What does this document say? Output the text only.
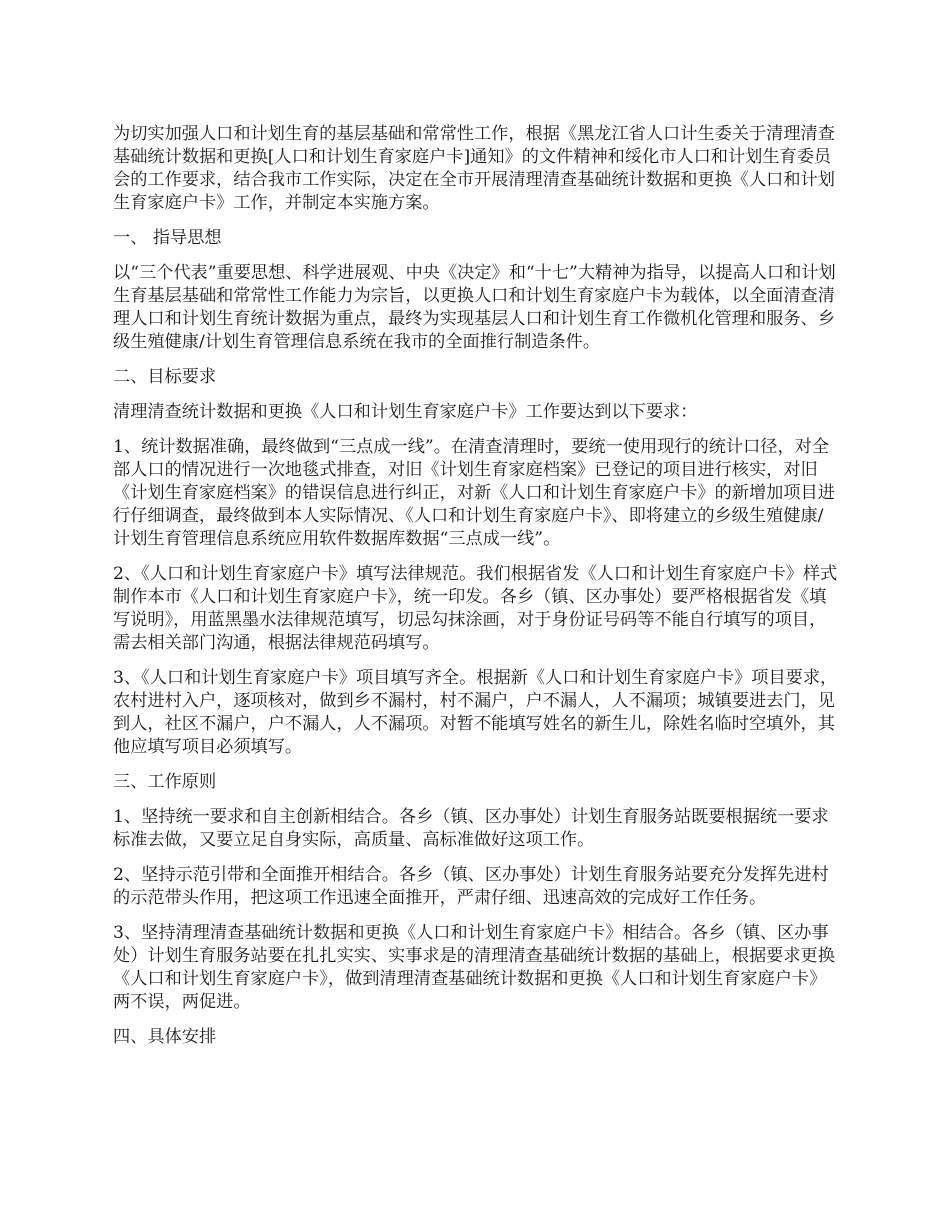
为切实加强人口和计划生育的基层基础和常常性工作，根据《黑龙江省人口计生委关于清理清查基础统计数据和更换[人口和计划生育家庭户卡]通知》的文件精神和绥化市人口和计划生育委员会的工作要求，结合我市工作实际，决定在全市开展清理清查基础统计数据和更换《人口和计划生育家庭户卡》工作，并制定本实施方案。

一、 指导思想

以“三个代表”重要思想、科学进展观、中央《决定》和“十七”大精神为指导，以提高人口和计划生育基层基础和常常性工作能力为宗旨，以更换人口和计划生育家庭户卡为载体，以全面清查清理人口和计划生育统计数据为重点，最终为实现基层人口和计划生育工作微机化管理和服务、乡级生殖健康/计划生育管理信息系统在我市的全面推行制造条件。

二、目标要求

清理清查统计数据和更换《人口和计划生育家庭户卡》工作要达到以下要求：

1、统计数据准确，最终做到“三点成一线”。在清查清理时，要统一使用现行的统计口径，对全部人口的情况进行一次地毯式排查，对旧《计划生育家庭档案》已登记的项目进行核实，对旧《计划生育家庭档案》的错误信息进行纠正，对新《人口和计划生育家庭户卡》的新增加项目进行仔细调查，最终做到本人实际情况、《人口和计划生育家庭户卡》、即将建立的乡级生殖健康/计划生育管理信息系统应用软件数据库数据“三点成一线”。

2、《人口和计划生育家庭户卡》填写法律规范。我们根据省发《人口和计划生育家庭户卡》样式制作本市《人口和计划生育家庭户卡》，统一印发。各乡（镇、区办事处）要严格根据省发《填写说明》，用蓝黑墨水法律规范填写，切忌勾抹涂画，对于身份证号码等不能自行填写的项目，需去相关部门沟通，根据法律规范码填写。

3、《人口和计划生育家庭户卡》项目填写齐全。根据新《人口和计划生育家庭户卡》项目要求，农村进村入户，逐项核对，做到乡不漏村，村不漏户，户不漏人，人不漏项；城镇要进去门，见到人，社区不漏户，户不漏人，人不漏项。对暂不能填写姓名的新生儿，除姓名临时空填外，其他应填写项目必须填写。

三、工作原则

1、坚持统一要求和自主创新相结合。各乡（镇、区办事处）计划生育服务站既要根据统一要求标准去做，又要立足自身实际，高质量、高标准做好这项工作。

2、坚持示范引带和全面推开相结合。各乡（镇、区办事处）计划生育服务站要充分发挥先进村的示范带头作用，把这项工作迅速全面推开，严肃仔细、迅速高效的完成好工作任务。

3、坚持清理清查基础统计数据和更换《人口和计划生育家庭户卡》相结合。各乡（镇、区办事处）计划生育服务站要在扎扎实实、实事求是的清理清查基础统计数据的基础上，根据要求更换《人口和计划生育家庭户卡》，做到清理清查基础统计数据和更换《人口和计划生育家庭户卡》两不误，两促进。

四、具体安排
